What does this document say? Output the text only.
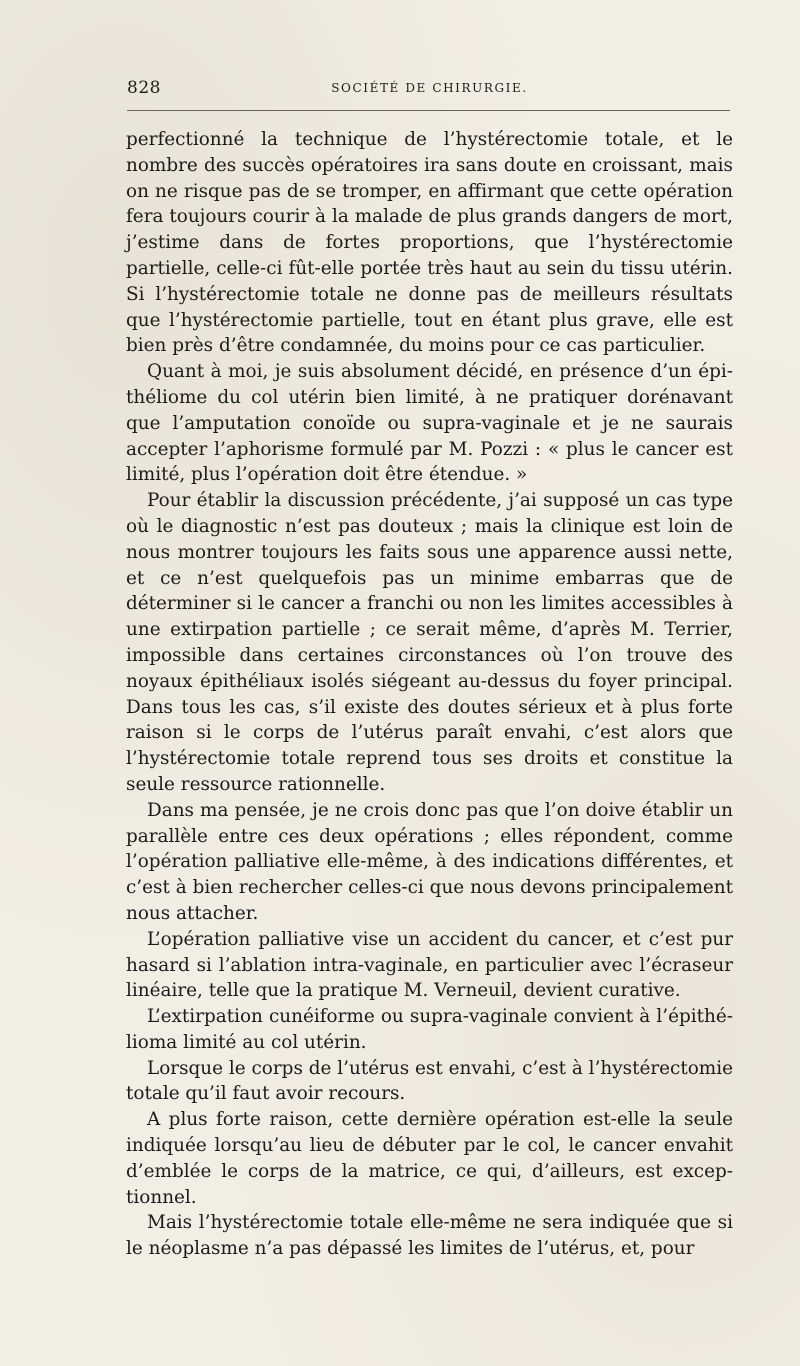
828	SOCIÉTÉ DE CHIRURGIE.

perfectionné la technique de l’hystérectomie totale, et le nombre des succès opératoires ira sans doute en croissant, mais on ne risque pas de se tromper, en affirmant que cette opération fera toujours courir à la malade de plus grands dangers de mort, j’estime dans de fortes proportions, que l’hystérectomie partielle, celle-ci fût-elle portée très haut au sein du tissu utérin. Si l’hystérectomie totale ne donne pas de meilleurs résultats que l’hystérectomie partielle, tout en étant plus grave, elle est bien près d’être condamnée, du moins pour ce cas particulier.

Quant à moi, je suis absolument décidé, en présence d’un épithéliome du col utérin bien limité, à ne pratiquer dorénavant que l’amputation conoïde ou supra-vaginale et je ne saurais accepter l’aphorisme formulé par M. Pozzi : « plus le cancer est limité, plus l’opération doit être étendue. »

Pour établir la discussion précédente, j’ai supposé un cas type où le diagnostic n’est pas douteux ; mais la clinique est loin de nous montrer toujours les faits sous une apparence aussi nette, et ce n’est quelquefois pas un minime embarras que de déterminer si le cancer a franchi ou non les limites accessibles à une extirpation partielle ; ce serait même, d’après M. Terrier, impossible dans certaines circonstances où l’on trouve des noyaux épithéliaux isolés siégeant au-dessus du foyer principal. Dans tous les cas, s’il existe des doutes sérieux et à plus forte raison si le corps de l’utérus paraît envahi, c’est alors que l’hystérectomie totale reprend tous ses droits et constitue la seule ressource rationnelle.

Dans ma pensée, je ne crois donc pas que l’on doive établir un parallèle entre ces deux opérations ; elles répondent, comme l’opération palliative elle-même, à des indications différentes, et c’est à bien rechercher celles-ci que nous devons principalement nous attacher.

L’opération palliative vise un accident du cancer, et c’est pur hasard si l’ablation intra-vaginale, en particulier avec l’écraseur linéaire, telle que la pratique M. Verneuil, devient curative.

L’extirpation cunéiforme ou supra-vaginale convient à l’épithélioma limité au col utérin.

Lorsque le corps de l’utérus est envahi, c’est à l’hystérectomie totale qu’il faut avoir recours.

A plus forte raison, cette dernière opération est-elle la seule indiquée lorsqu’au lieu de débuter par le col, le cancer envahit d’emblée le corps de la matrice, ce qui, d’ailleurs, est exceptionnel.

Mais l’hystérectomie totale elle-même ne sera indiquée que si le néoplasme n’a pas dépassé les limites de l’utérus, et, pour
